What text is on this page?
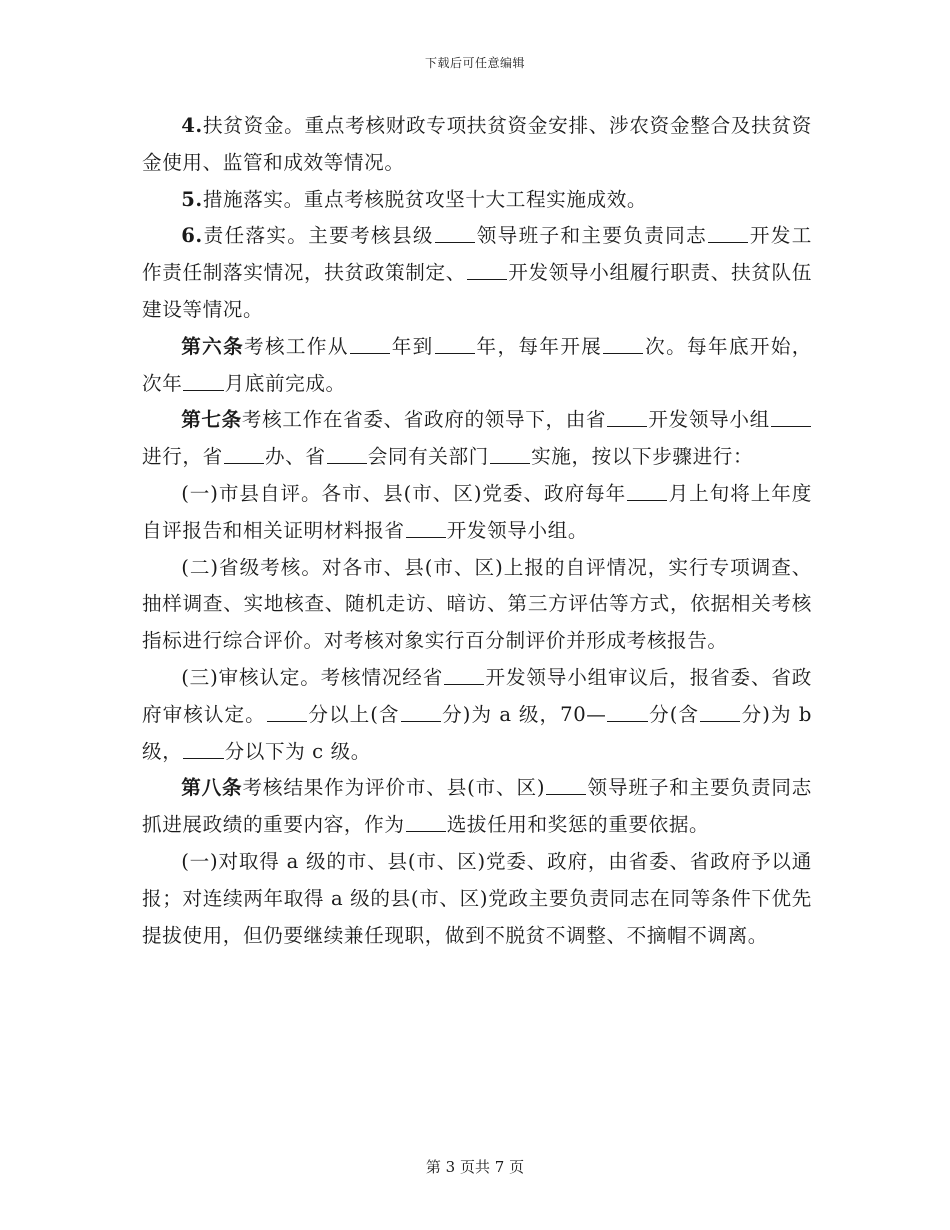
下载后可任意编辑

4.扶贫资金。重点考核财政专项扶贫资金安排、涉农资金整合及扶贫资金使用、监管和成效等情况。

5.措施落实。重点考核脱贫攻坚十大工程实施成效。

6.责任落实。主要考核县级 领导班子和主要负责同志 开发工作责任制落实情况，扶贫政策制定、 开发领导小组履行职责、扶贫队伍建设等情况。

第六条考核工作从 年到 年，每年开展 次。每年底开始，次年 月底前完成。

第七条考核工作在省委、省政府的领导下，由省 开发领导小组进行，省 办、省 会同有关部门 实施，按以下步骤进行：

(一)市县自评。各市、县(市、区)党委、政府每年 月上旬将上年度自评报告和相关证明材料报省 开发领导小组。

(二)省级考核。对各市、县(市、区)上报的自评情况，实行专项调查、抽样调查、实地核查、随机走访、暗访、第三方评估等方式，依据相关考核指标进行综合评价。对考核对象实行百分制评价并形成考核报告。

(三)审核认定。考核情况经省 开发领导小组审议后，报省委、省政府审核认定。 分以上(含 分)为 a 级，70— 分(含 分)为 b 级， 分以下为 c 级。

第八条考核结果作为评价市、县(市、区) 领导班子和主要负责同志抓进展政绩的重要内容，作为 选拔任用和奖惩的重要依据。

(一)对取得 a 级的市、县(市、区)党委、政府，由省委、省政府予以通报；对连续两年取得 a 级的县(市、区)党政主要负责同志在同等条件下优先提拔使用，但仍要继续兼任现职，做到不脱贫不调整、不摘帽不调离。

第 3 页共 7 页
